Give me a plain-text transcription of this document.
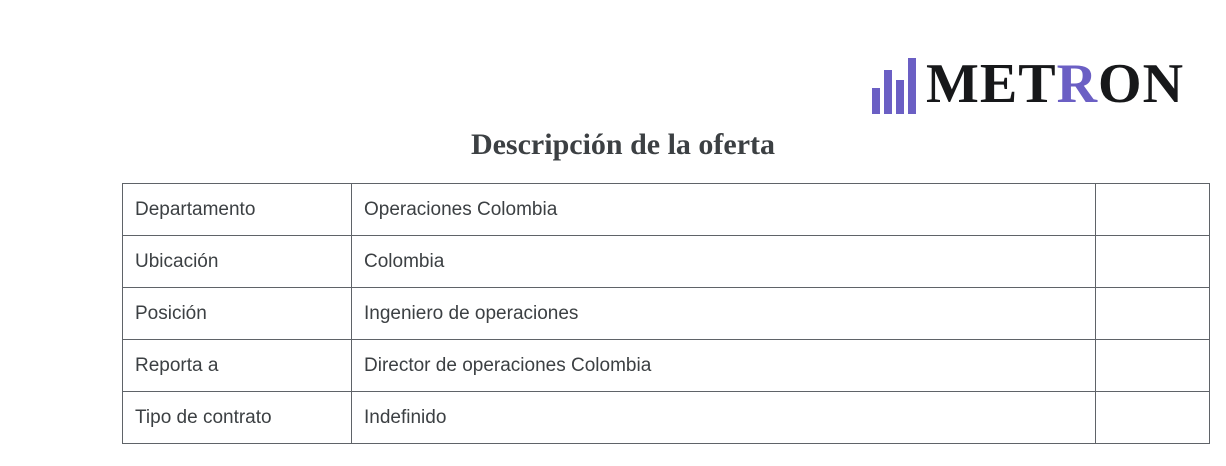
METRON
Descripción de la oferta
Departamento	Operaciones Colombia	
Ubicación	Colombia	
Posición	Ingeniero de operaciones	
Reporta a	Director de operaciones Colombia	
Tipo de contrato	Indefinido	
